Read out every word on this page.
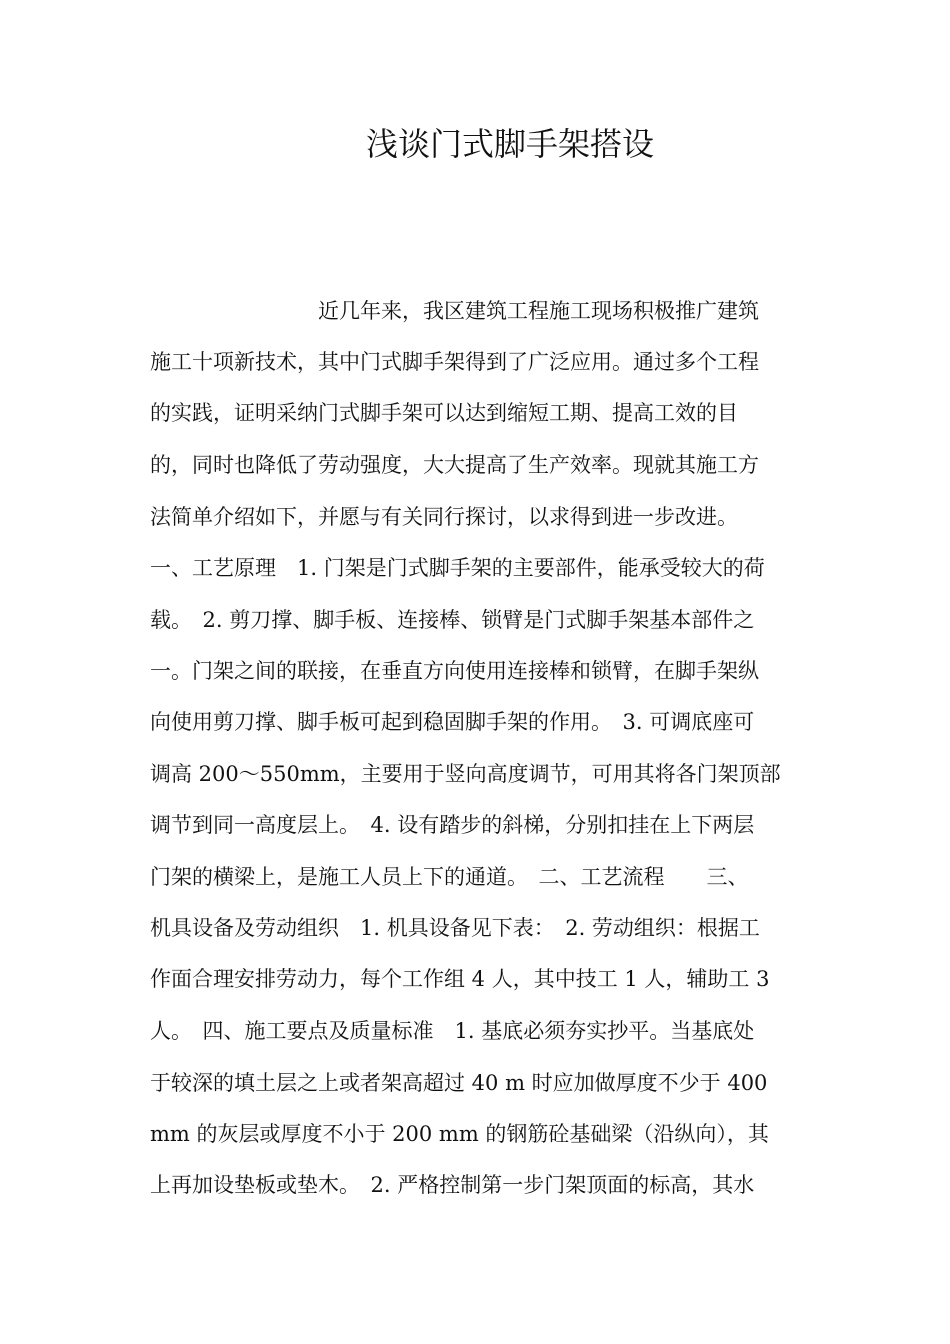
浅谈门式脚手架搭设
近几年来，我区建筑工程施工现场积极推广建筑
施工十项新技术，其中门式脚手架得到了广泛应用。通过多个工程
的实践，证明采纳门式脚手架可以达到缩短工期、提高工效的目
的，同时也降低了劳动强度，大大提高了生产效率。现就其施工方
法简单介绍如下，并愿与有关同行探讨，以求得到进一步改进。
一、工艺原理　1. 门架是门式脚手架的主要部件，能承受较大的荷
载。　2. 剪刀撑、脚手板、连接棒、锁臂是门式脚手架基本部件之
一。门架之间的联接，在垂直方向使用连接棒和锁臂，在脚手架纵
向使用剪刀撑、脚手板可起到稳固脚手架的作用。　3. 可调底座可
调高 200～550mm，主要用于竖向高度调节，可用其将各门架顶部
调节到同一高度层上。　4. 设有踏步的斜梯，分别扣挂在上下两层
门架的横梁上，是施工人员上下的通道。　二、工艺流程　　三、
机具设备及劳动组织　1. 机具设备见下表：　2. 劳动组织：根据工
作面合理安排劳动力，每个工作组 4 人，其中技工 1 人，辅助工 3
人。　四、施工要点及质量标准　1. 基底必须夯实抄平。当基底处
于较深的填土层之上或者架高超过 40 m 时应加做厚度不少于 400
mm 的灰层或厚度不小于 200 mm 的钢筋砼基础梁（沿纵向），其
上再加设垫板或垫木。　2. 严格控制第一步门架顶面的标高，其水
